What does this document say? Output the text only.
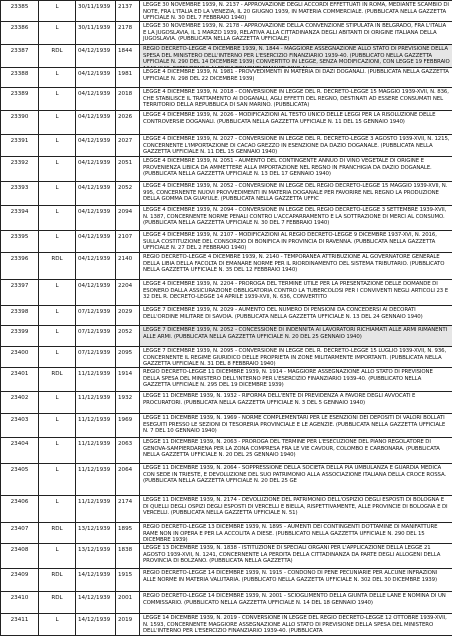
23385	L	30/11/1939	2137	LEGGE 30 NOVEMBRE 1939, N. 2137 - APPROVAZIONE DEGLI ACCORDI EFFETTUATI IN ROMA, MEDIANTE SCAMBIO DI NOTE, FRA L'ITALIA ED LA VENEZIA, IL 20 GIUGNO 1939, IN MATERIA COMMERCIALE. (PUBBLICATA NELLA GAZZETTA UFFICIALE N. 30 DEL 7 FEBBRAIO 1940)
23386	L	30/11/1939	2178	LEGGE 30 NOVEMBRE 1939, N. 2178 - APPROVAZIONE DELLA CONVENZIONE STIPULATA IN BELGRADO, FRA L'ITALIA E LA JUGOSLAVIA, IL 1 MARZO 1939, RELATIVA ALLA CITTADINANZA DEGLI ABITANTI DI ORIGINE ITALIANA DELLA JUGOSLAVIA. (PUBBLICATA NELLA GAZZETTA UFFICIALE)
23387	RDL	04/12/1939	1844	REGIO DECRETO-LEGGE 4 DICEMBRE 1939, N. 1844 - MAGGIORE ASSEGNAZIONE ALLO STATO DI PREVISIONE DELLA SPESA DEL MINISTERO DELL'INTERNO PER L'ESERCIZIO FINANZIARIO 1939-40. (PUBBLICATO NELLA GAZZETTA UFFICIALE N. 290 DEL 14 DICEMBRE 1939) CONVERTITO IN LEGGE, SENZA MODIFICAZIONI, CON LEGGE 19 FEBBRAIO
23388	L	04/12/1939	1981	LEGGE 4 DICEMBRE 1939, N. 1981 - PROVVEDIMENTI IN MATERIA DI DAZI DOGANALI. (PUBBLICATA NELLA GAZZETTA UFFICIALE N. 298 DEL 22 DICEMBRE 1939)
23389	L	04/12/1939	2018	LEGGE 4 DICEMBRE 1939, N. 2018 - CONVERSIONE IN LEGGE DEL R. DECRETO-LEGGE 15 MAGGIO 1939-XVII, N. 836, CHE STABILISCE IL TRATTAMENTO AI DOGANALI, AGLI EFFETTI DEL REGNO, DESTINATI AD ESSERE CONSUMATI NEL TERRITORIO DELLA REPUBBLICA DI SAN MARINO. (PUBBLICATA)
23390	L	04/12/1939	2026	LEGGE 4 DICEMBRE 1939, N. 2026 - MODIFICAZIONI AL TESTO UNICO DELLE LEGGI PER LA RISOLUZIONE DELLE CONTROVERSIE DOGANALI. (PUBBLICATA NELLA GAZZETTA UFFICIALE N. 11 DEL 15 GENNAIO 1940)
23391	L	04/12/1939	2027	LEGGE 4 DICEMBRE 1939, N. 2027 - CONVERSIONE IN LEGGE DEL R. DECRETO-LEGGE 3 AGOSTO 1939-XVII, N. 1215, CONCERNENTE L'IMPORTAZIONE DI CACAO GREZZO IN ESENZIONE DA DAZIO DOGANALE. (PUBBLICATA NELLA GAZZETTA UFFICIALE N. 11 DEL 15 GENNAIO 1940)
23392	L	04/12/1939	2051	LEGGE 4 DICEMBRE 1939, N. 2051 - AUMENTO DEL CONTINGENTE ANNUO DI VINO VEGETALE DI ORIGINE E PROVENIENZA LIBICA DA AMMETTERE ALLA IMPORTAZIONE NEL REGNO IN FRANCHIGIA DA DAZIO DOGANALE. (PUBBLICATA NELLA GAZZETTA UFFICIALE N. 13 DEL 17 GENNAIO 1940)
23393	L	04/12/1939	2052	LEGGE 4 DICEMBRE 1939, N. 2052 - CONVERSIONE IN LEGGE DEL REGIO DECRETO-LEGGE 15 MAGGIO 1939-XVII, N. 995, CONCERNENTE NUOVI PROVVEDIMENTI IN MATERIA DOGANALE PER FAVORIRE NEL REGNO LA PRODUZIONE DELLA GOMMA DA GUAYULE. (PUBBLICATA NELLA GAZZETTA UFFIC
23394	L	04/12/1939	2094	LEGGE 4 DICEMBRE 1939, N. 2094 - CONVERSIONE IN LEGGE DEL REGIO DECRETO-LEGGE 3 SETTEMBRE 1939-XVII, N. 1387, CONCERNENTE NORME PENALI CONTRO L'ACCAPARRAMENTO E LA SOTTRAZIONE DI MERCI AL CONSUMO. (PUBBLICATA NELLA GAZZETTA UFFICIALE N. 30 DEL 7 FEBBRAIO 1940)
23395	L	04/12/1939	2107	LEGGE 4 DICEMBRE 1939, N. 2107 - MODIFICAZIONI AL REGIO DECRETO-LEGGE 9 DICEMBRE 1937-XVI, N. 2016, SULLA COSTITUZIONE DEL CONSORZIO DI BONIFICA IN PROVINCIA DI RAVENNA. (PUBBLICATA NELLA GAZZETTA UFFICIALE N. 27 DEL 2 FEBBRAIO 1940)
23396	RDL	04/12/1939	2140	REGIO DECRETO-LEGGE 4 DICEMBRE 1939, N. 2140 - TEMPORANEA ATTRIBUZIONE AL GOVERNATORE GENERALE DELLA LIBIA DELLA FACOLTA DI EMANARE NORME PER IL RIORDINAMENTO DEL SISTEMA TRIBUTARIO. (PUBBLICATO NELLA GAZZETTA UFFICIALE N. 35 DEL 12 FEBBRAIO 1940)
23397	L	04/12/1939	2204	LEGGE 4 DICEMBRE 1939, N. 2204 - PROROGA DEL TERMINE UTILE PER LA PRESENTAZIONE DELLE DOMANDE DI ESONERO DALLA ASSICURAZIONE OBBLIGATORIA CONTRO LA TUBERCOLOSI PER I CONVIVENTI NEGLI ARTICOLI 23 E 32 DEL R. DECRETO-LEGGE 14 APRILE 1939-XVII, N. 636, CONVERTITO
23398	L	07/12/1939	2029	LEGGE 7 DICEMBRE 1939, N. 2029 - AUMENTO DEL NUMERO DI PENSIONI DA CONCEDERSI AI DECORATI DELL'ORDINE MILITARE DI SAVOIA. (PUBBLICATA NELLA GAZZETTA UFFICIALE N. 13 DEL 24 GENNAIO 1940)
23399	L	07/12/1939	2052	LEGGE 7 DICEMBRE 1939, N. 2052 - CONCESSIONE DI INDENNITA AI LAVORATORI RICHIAMATI ALLE ARMI RIMANENTI ALLE ARMI. (PUBBLICATA NELLA GAZZETTA UFFICIALE N. 20 DEL 25 GENNAIO 1940)
23400	L	07/12/1939	2095	LEGGE 7 DICEMBRE 1939, N. 2095 - CONVERSIONE IN LEGGE DEL R. DECRETO-LEGGE 15 LUGLIO 1939-XVII, N. 936, CONCERNENTE IL REGIME GIURIDICO DELLE PROPRIETA IN ZONE MILITARMENTE IMPORTANTI. (PUBBLICATA NELLA GAZZETTA UFFICIALE N. 31 DEL 8 FEBBRAIO 1940)
23401	RDL	11/12/1939	1914	REGIO DECRETO-LEGGE 11 DICEMBRE 1939, N. 1914 - MAGGIORE ASSEGNAZIONE ALLO STATO DI PREVISIONE DELLA SPESA DEL MINISTERO DELL'INTERNO PER L'ESERCIZIO FINANZIARIO 1939-40. (PUBBLICATO NELLA GAZZETTA UFFICIALE N. 295 DEL 19 DICEMBRE 1939)
23402	L	11/12/1939	1932	LEGGE 11 DICEMBRE 1939, N. 1932 - RIFORMA DELL'ENTE DI PREVIDENZA A FAVORE DEGLI AVVOCATI E PROCURATORI. (PUBBLICATA NELLA GAZZETTA UFFICIALE N. 3 DEL 5 GENNAIO 1940)
23403	L	11/12/1939	1969	LEGGE 11 DICEMBRE 1939, N. 1969 - NORME COMPLEMENTARI PER LE ESENZIONI DEI DEPOSITI DI VALORI BOLLATI ESEGUITI PRESSO LE SEZIONI DI TESORERIA PROVINCIALE E LE AGENZIE. (PUBBLICATA NELLA GAZZETTA UFFICIALE N. 7 DEL 10 GENNAIO 1940)
23404	L	11/12/1939	2063	LEGGE 11 DICEMBRE 1939, N. 2063 - PROROGA DEL TERMINE PER L'ESECUZIONE DEL PIANO REGOLATORE DI GENOVA-SAMPIERDARENA PER LA ZONA COMPRESA FRA LE VIE CAVOUR, COLOMBO E CARBONARA. (PUBBLICATA NELLA GAZZETTA UFFICIALE N. 20 DEL 25 GENNAIO 1940)
23405	L	11/12/1939	2064	LEGGE 11 DICEMBRE 1939, N. 2064 - SOPPRESSIONE DELLA SOCIETA DELLA PIA UMBULANZA E GUARDIA MEDICA CON SEDE IN TRIESTE, E DEVOLUZIONE DEL SUO PATRIMONIO ALLA ASSOCIAZIONE ITALIANA DELLA CROCE ROSSA. (PUBBLICATA NELLA GAZZETTA UFFICIALE N. 20 DEL 25 GE
23406	L	11/12/1939	2174	LEGGE 11 DICEMBRE 1939, N. 2174 - DEVOLUZIONE DEL PATRIMONIO DELL'OSPIZIO DEGLI ESPOSTI DI BOLOGNA E DI QUELLI DEGLI OSPIZI DEGLI ESPOSTI DI VERCELLI E BIELLA, RISPETTIVAMENTE, ALLE PROVINCIE DI BOLOGNA E DI VERCELLI. (PUBBLICATA NELLA GAZZETTA UFFICIALE N. 51)
23407	RDL	13/12/1939	1895	REGIO DECRETO-LEGGE 13 DICEMBRE 1939, N. 1895 - AUMENTI DEI CONTINGENTI DOTTAMINE DI MANIFATTURE RAME NON IN OPERA E PER LA ACCOLITA A DIESE. (PUBBLICATO NELLA GAZZETTA UFFICIALE N. 290 DEL 15 DICEMBRE 1939)
23408	L	13/12/1939	1838	LEGGE 13 DICEMBRE 1939, N. 1838 - ISTITUZIONE DI SPECIALI ORGANI PER L'APPLICAZIONE DELLA LEGGE 21 AGOSTO 1939-XVII, N. 1241, CONCERNENTE LA PERDITA DELLA CITTADINANZA DA PARTE DEGLI ALLOGENI DELLA PROVINCIA DI BOLZANO. (PUBBLICATA NELLA GAZZETTA)
23409	RDL	14/12/1939	1915	REGIO DECRETO-LEGGE 14 DICEMBRE 1939, N. 1915 - CONDONO DI PENE PECUNIARIE PER ALCUNE INFRAZIONI ALLE NORME IN MATERIA VALUTARIA. (PUBBLICATO NELLA GAZZETTA UFFICIALE N. 302 DEL 30 DICEMBRE 1939)
23410	RDL	14/12/1939	2001	REGIO DECRETO-LEGGE 14 DICEMBRE 1939, N. 2001 - SCIOGLIMENTO DELLA GIUNTA DELLE LANE E NOMINA DI UN COMMISSARIO. (PUBBLICATO NELLA GAZZETTA UFFICIALE N. 14 DEL 18 GENNAIO 1940)
23411	L	14/12/1939	2019	LEGGE 14 DICEMBRE 1939, N. 2019 - CONVERSIONE IN LEGGE DEL REGIO DECRETO-LEGGE 12 OTTOBRE 1939-XVII, N. 1593, CONCERNENTE MAGGIORE ASSEGNAZIONE ALLO STATO DI PREVISIONE DELLA SPESA DEL MINISTERO DELL'INTERNO PER L'ESERCIZIO FINANZIARIO 1939-40. (PUBBLICATA
